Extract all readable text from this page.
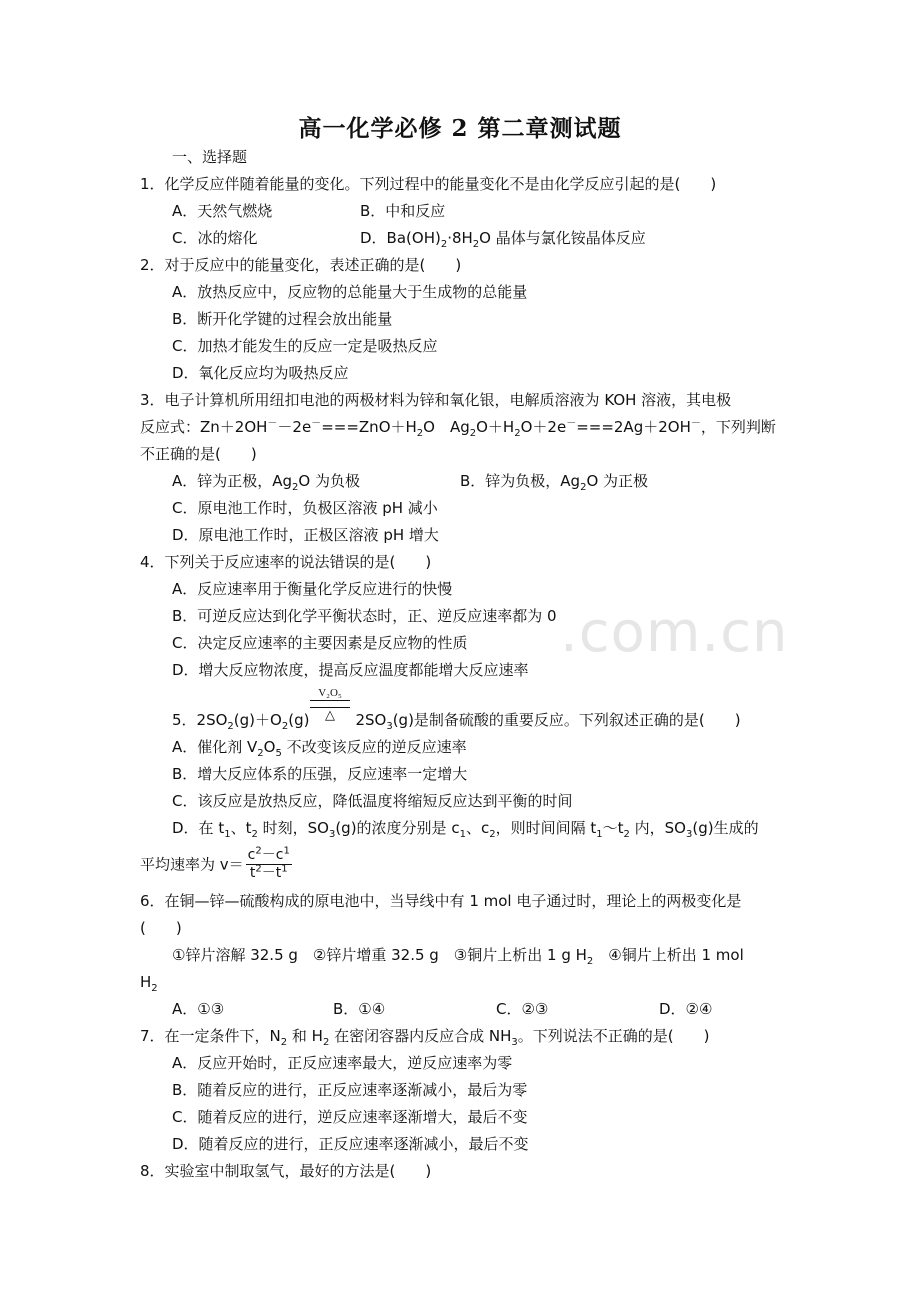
.com.cn
高一化学必修 2 第二章测试题
一、选择题
1．化学反应伴随着能量的变化。下列过程中的能量变化不是由化学反应引起的是(　　)
A．天然气燃烧	B．中和反应
C．冰的熔化	D．$Ba(OH)_2\cdot 8H_2O$ 晶体与氯化铵晶体反应
2．对于反应中的能量变化，表述正确的是(　　)
A．放热反应中，反应物的总能量大于生成物的总能量
B．断开化学键的过程会放出能量
C．加热才能发生的反应一定是吸热反应
D．氧化反应均为吸热反应
3．电子计算机所用纽扣电池的两极材料为锌和氧化银，电解质溶液为 KOH 溶液，其电极
反应式：$Zn+2OH^--2e^-===ZnO+H_2O$　$Ag_2O+H_2O+2e^-===2Ag+2OH^-$，下列判断
不正确的是(　　)
A．锌为正极，$Ag_2O$ 为负极	B．锌为负极，$Ag_2O$ 为正极
C．原电池工作时，负极区溶液 pH 减小
D．原电池工作时，正极区溶液 pH 增大
4．下列关于反应速率的说法错误的是(　　)
A．反应速率用于衡量化学反应进行的快慢
B．可逆反应达到化学平衡状态时，正、逆反应速率都为 0
C．决定反应速率的主要因素是反应物的性质
D．增大反应物浓度，提高反应温度都能增大反应速率
V₂O₅
△
5．$2SO_2(g)+O_2(g)$	$2SO_3(g)$是制备硫酸的重要反应。下列叙述正确的是(　　)
A．催化剂 $V_2O_5$ 不改变该反应的逆反应速率
B．增大反应体系的压强，反应速率一定增大
C．该反应是放热反应，降低温度将缩短反应达到平衡的时间
D．在 $t_1$、$t_2$ 时刻，$SO_3(g)$的浓度分别是 $c_1$、$c_2$，则时间间隔 $t_1\sim t_2$ 内，$SO_3(g)$生成的
平均速率为 $v= \frac{c^2-c^1}{t^2-t^1}$
6．在铜—锌—硫酸构成的原电池中，当导线中有 1 mol 电子通过时，理论上的两极变化是
(　　)
①锌片溶解 32.5 g　②锌片增重 32.5 g　③铜片上析出 1 g $H_2$　④铜片上析出 1 mol
$H_2$
A．①③	B．①④	C．②③	D．②④
7．在一定条件下，$N_2$ 和 $H_2$ 在密闭容器内反应合成 $NH_3$。下列说法不正确的是(　　)
A．反应开始时，正反应速率最大，逆反应速率为零
B．随着反应的进行，正反应速率逐渐减小，最后为零
C．随着反应的进行，逆反应速率逐渐增大，最后不变
D．随着反应的进行，正反应速率逐渐减小，最后不变
8．实验室中制取氢气，最好的方法是(　　)
